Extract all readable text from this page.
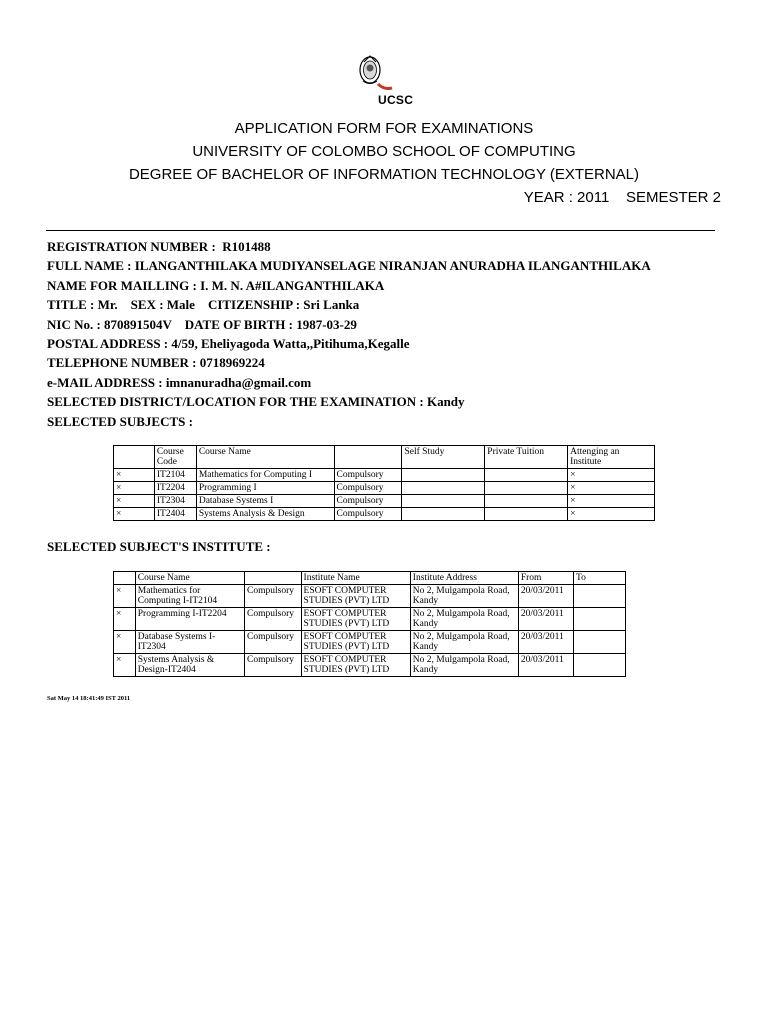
UCSC
APPLICATION FORM FOR EXAMINATIONS
UNIVERSITY OF COLOMBO SCHOOL OF COMPUTING
DEGREE OF BACHELOR OF INFORMATION TECHNOLOGY (EXTERNAL)
YEAR : 2011    SEMESTER 2
REGISTRATION NUMBER :  R101488
FULL NAME : ILANGANTHILAKA MUDIYANSELAGE NIRANJAN ANURADHA ILANGANTHILAKA
NAME FOR MAILLING : I. M. N. A#ILANGANTHILAKA
TITLE : Mr.    SEX : Male    CITIZENSHIP : Sri Lanka
NIC No. : 870891504V    DATE OF BIRTH : 1987-03-29
POSTAL ADDRESS : 4/59, Eheliyagoda Watta,,Pitihuma,Kegalle
TELEPHONE NUMBER : 0718969224
e-MAIL ADDRESS : imnanuradha@gmail.com
SELECTED DISTRICT/LOCATION FOR THE EXAMINATION : Kandy
SELECTED SUBJECTS :
	Course Code	Course Name		Self Study	Private Tuition	Attenging an Institute
×	IT2104	Mathematics for Computing I	Compulsory			×
×	IT2204	Programming I	Compulsory			×
×	IT2304	Database Systems I	Compulsory			×
×	IT2404	Systems Analysis & Design	Compulsory			×
SELECTED SUBJECT'S INSTITUTE :
	Course Name		Institute Name	Institute Address	From	To
×	Mathematics for Computing I-IT2104	Compulsory	ESOFT COMPUTER STUDIES (PVT) LTD	No 2, Mulgampola Road, Kandy	20/03/2011	
×	Programming I-IT2204	Compulsory	ESOFT COMPUTER STUDIES (PVT) LTD	No 2, Mulgampola Road, Kandy	20/03/2011	
×	Database Systems I-IT2304	Compulsory	ESOFT COMPUTER STUDIES (PVT) LTD	No 2, Mulgampola Road, Kandy	20/03/2011	
×	Systems Analysis & Design-IT2404	Compulsory	ESOFT COMPUTER STUDIES (PVT) LTD	No 2, Mulgampola Road, Kandy	20/03/2011	
Sat May 14 18:41:49 IST 2011
